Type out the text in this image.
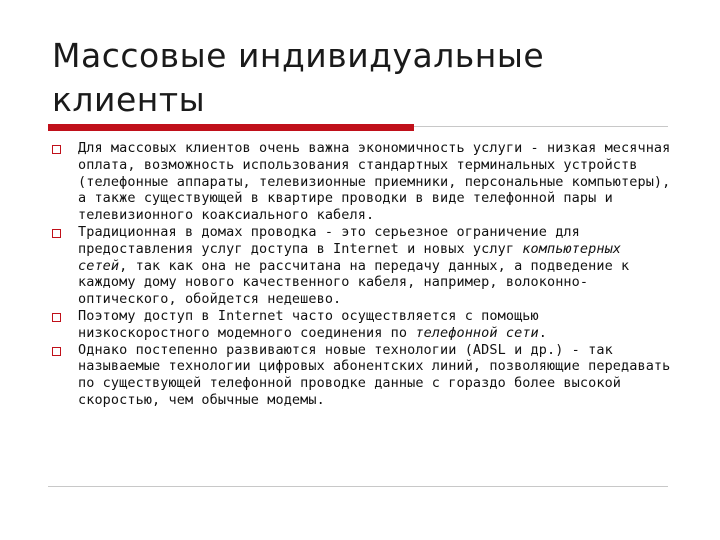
Массовые индивидуальные
клиенты
Для массовых клиентов очень важна экономичность услуги - низкая месячная оплата, возможность использования стандартных терминальных устройств (телефонные аппараты, телевизионные приемники, персональные компьютеры), а также существующей в квартире проводки в виде телефонной пары и телевизионного коаксиального кабеля.
Традиционная в домах проводка - это серьезное ограничение для предоставления услуг доступа в Internet и новых услуг компьютерных сетей, так как она не рассчитана на передачу данных, а подведение к каждому дому нового качественного кабеля, например, волоконно-оптического, обойдется недешево.
Поэтому доступ в Internet часто осуществляется с помощью низкоскоростного модемного соединения по телефонной сети.
Однако постепенно развиваются новые технологии (ADSL и др.) - так называемые технологии цифровых абонентских линий, позволяющие передавать по существующей телефонной проводке данные с гораздо более высокой скоростью, чем обычные модемы.
